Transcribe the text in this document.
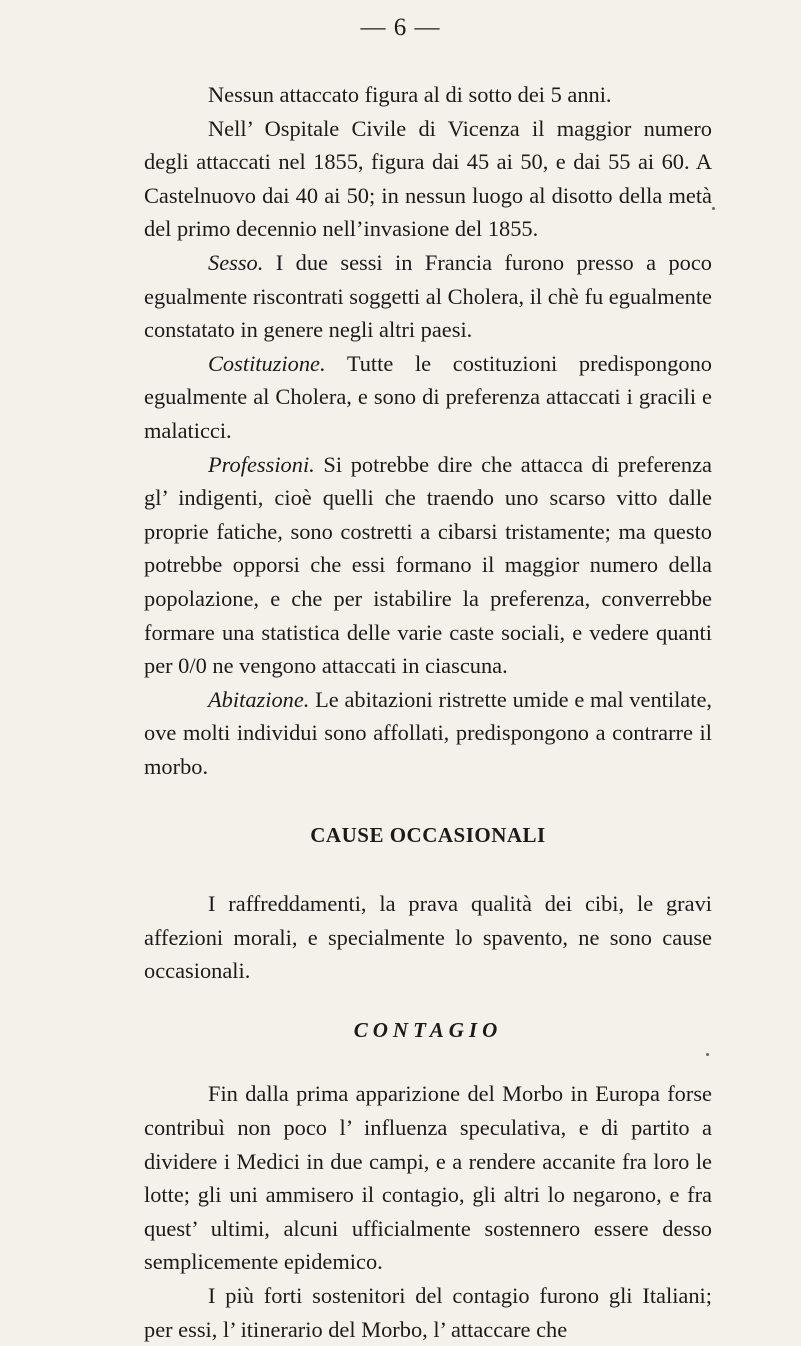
— 6 —

Nessun attaccato figura al di sotto dei 5 anni.

Nell’ Ospitale Civile di Vicenza il maggior numero degli attaccati nel 1855, figura dai 45 ai 50, e dai 55 ai 60. A Castelnuovo dai 40 ai 50; in nessun luogo al disotto della metà del primo decennio nell’invasione del 1855.

Sesso. I due sessi in Francia furono presso a poco egualmente riscontrati soggetti al Cholera, il chè fu egualmente constatato in genere negli altri paesi.

Costituzione. Tutte le costituzioni predispongono egualmente al Cholera, e sono di preferenza attaccati i gracili e malaticci.

Professioni. Si potrebbe dire che attacca di preferenza gl’ indigenti, cioè quelli che traendo uno scarso vitto dalle proprie fatiche, sono costretti a cibarsi tristamente; ma questo potrebbe opporsi che essi formano il maggior numero della popolazione, e che per istabilire la preferenza, converrebbe formare una statistica delle varie caste sociali, e vedere quanti per 0/0 ne vengono attaccati in ciascuna.

Abitazione. Le abitazioni ristrette umide e mal ventilate, ove molti individui sono affollati, predispongono a contrarre il morbo.

CAUSE OCCASIONALI

I raffreddamenti, la prava qualità dei cibi, le gravi affezioni morali, e specialmente lo spavento, ne sono cause occasionali.

CONTAGIO

Fin dalla prima apparizione del Morbo in Europa forse contribuì non poco l’ influenza speculativa, e di partito a dividere i Medici in due campi, e a rendere accanite fra loro le lotte; gli uni ammisero il contagio, gli altri lo negarono, e fra quest’ ultimi, alcuni ufficialmente sostennero essere desso semplicemente epidemico.

I più forti sostenitori del contagio furono gli Italiani; per essi, l’ itinerario del Morbo, l’ attaccare che
